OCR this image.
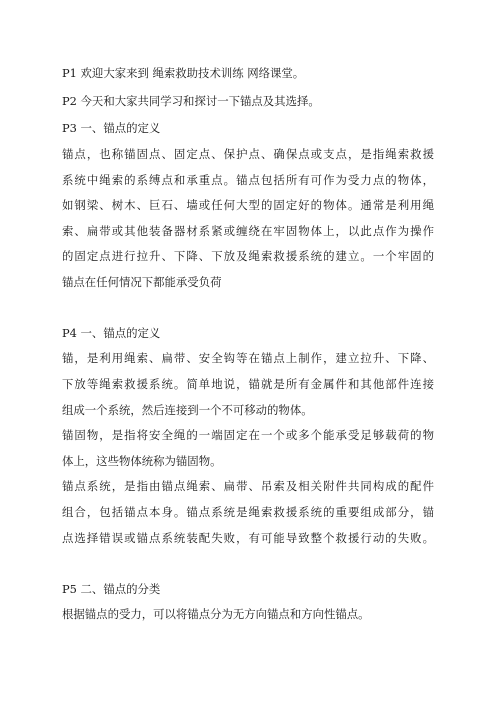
P1 欢迎大家来到 绳索救助技术训练 网络课堂。
P2 今天和大家共同学习和探讨一下锚点及其选择。
P3 一、锚点的定义
锚点，也称锚固点、固定点、保护点、确保点或支点，是指绳索救援
系统中绳索的系缚点和承重点。锚点包括所有可作为受力点的物体，
如钢梁、树木、巨石、墙或任何大型的固定好的物体。通常是利用绳
索、扁带或其他装备器材系紧或缠绕在牢固物体上，以此点作为操作
的固定点进行拉升、下降、下放及绳索救援系统的建立。一个牢固的
锚点在任何情况下都能承受负荷
P4 一、锚点的定义
锚，是利用绳索、扁带、安全钩等在锚点上制作，建立拉升、下降、
下放等绳索救援系统。简单地说，锚就是所有金属件和其他部件连接
组成一个系统，然后连接到一个不可移动的物体。
锚固物，是指将安全绳的一端固定在一个或多个能承受足够载荷的物
体上，这些物体统称为锚固物。
锚点系统，是指由锚点绳索、扁带、吊索及相关附件共同构成的配件
组合，包括锚点本身。锚点系统是绳索救援系统的重要组成部分，锚
点选择错误或锚点系统装配失败，有可能导致整个救援行动的失败。
P5 二、锚点的分类
根据锚点的受力，可以将锚点分为无方向锚点和方向性锚点。
